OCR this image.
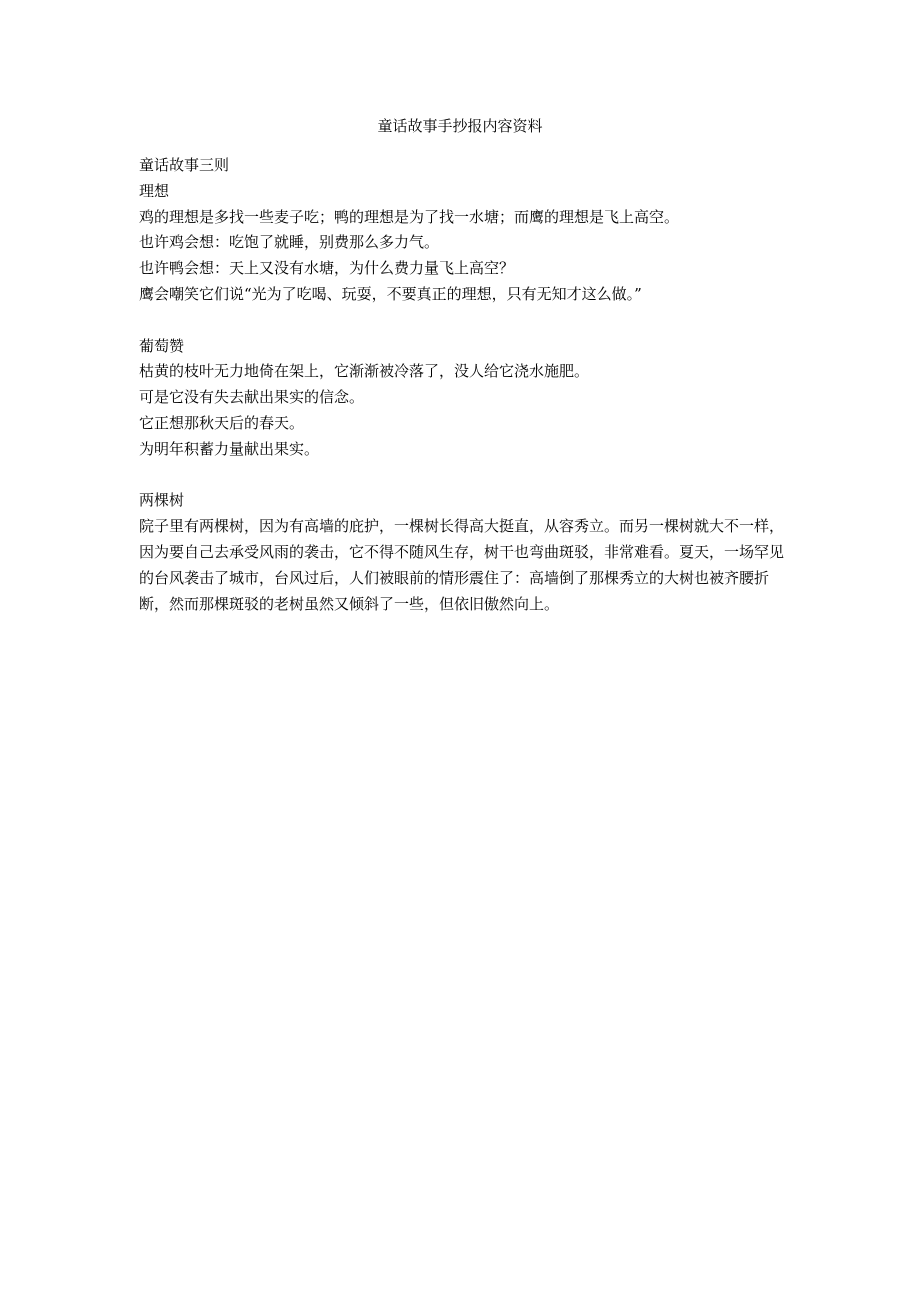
童话故事手抄报内容资料

童话故事三则

理想

鸡的理想是多找一些麦子吃；鸭的理想是为了找一水塘；而鹰的理想是飞上高空。

也许鸡会想：吃饱了就睡，别费那么多力气。

也许鸭会想：天上又没有水塘，为什么费力量飞上高空？

鹰会嘲笑它们说“光为了吃喝、玩耍，不要真正的理想，只有无知才这么做。”

葡萄赞

枯黄的枝叶无力地倚在架上，它渐渐被冷落了，没人给它浇水施肥。

可是它没有失去献出果实的信念。

它正想那秋天后的春天。

为明年积蓄力量献出果实。

两棵树

院子里有两棵树，因为有高墙的庇护，一棵树长得高大挺直，从容秀立。而另一棵树就大不一样，因为要自己去承受风雨的袭击，它不得不随风生存，树干也弯曲斑驳，非常难看。夏天，一场罕见的台风袭击了城市，台风过后，人们被眼前的情形震住了：高墙倒了那棵秀立的大树也被齐腰折断，然而那棵斑驳的老树虽然又倾斜了一些，但依旧傲然向上。
